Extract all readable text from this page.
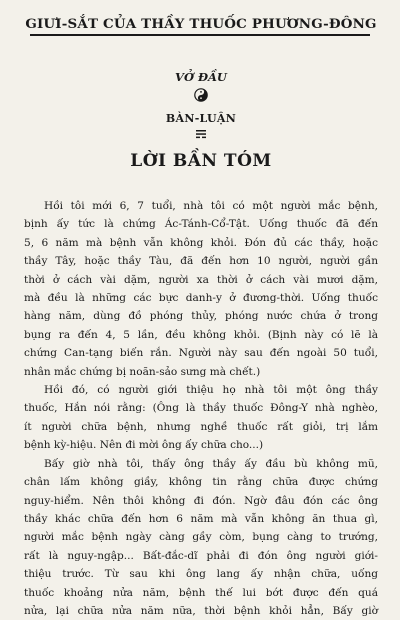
GIƯI-SẮT CỦA THẦY THUỐC PHƯƠNG-ĐÔNG
VỞ ĐẦU
BÀN-LUẬN
LỜI BẦN TÓM
Hồi tôi mới 6, 7 tuổi, nhà tôi có một người mắc bệnh,
bịnh ấy tức là chứng Ác-Tánh-Cổ-Tật. Uống thuốc đã đến
5, 6 năm mà bệnh vẫn không khỏi. Đón đủ các thầy, hoặc
thầy Tây, hoặc thầy Tàu, đã đến hơn 10 người, người gần
thời ở cách vài dặm, người xa thời ở cách vài mươi dặm,
mà đều là những các bực danh-y ở đương-thời. Uống thuốc
hàng năm, dùng đồ phóng thủy, phóng nước chứa ở trong
bụng ra đến 4, 5 lần, đều không khỏi. (Bịnh này có lẽ là
chứng Can-tạng biến rắn. Người này sau đến ngoài 50 tuổi,
nhân mắc chứng bị noãn-sảo sưng mà chết.)
Hồi đó, có người giới thiệu họ nhà tôi một ông thầy
thuốc, Hắn nói rằng: (Ông là thầy thuốc Đông-Y nhà nghèo,
ít người chữa bệnh, nhưng nghề thuốc rất giỏi, trị lắm
bệnh kỳ-hiệu. Nên đi mời ông ấy chữa cho...)
Bấy giờ nhà tôi, thấy ông thầy ấy đầu bù không mũ,
chân lấm không giầy, không tin rằng chữa được chứng
nguy-hiểm. Nên thôi không đi đón. Ngờ đâu đón các ông
thầy khác chữa đến hơn 6 năm mà vẫn không ăn thua gì,
người mắc bệnh ngày càng gầy còm, bụng càng to trướng,
rất là nguy-ngập... Bất-đắc-dĩ phải đi đón ông người giới-
thiệu trước. Từ sau khi ông lang ấy nhận chữa, uống
thuốc khoảng nửa năm, bệnh thế lui bớt được đến quá
nửa, lại chữa nửa năm nữa, thời bệnh khỏi hẳn, Bấy giờ
